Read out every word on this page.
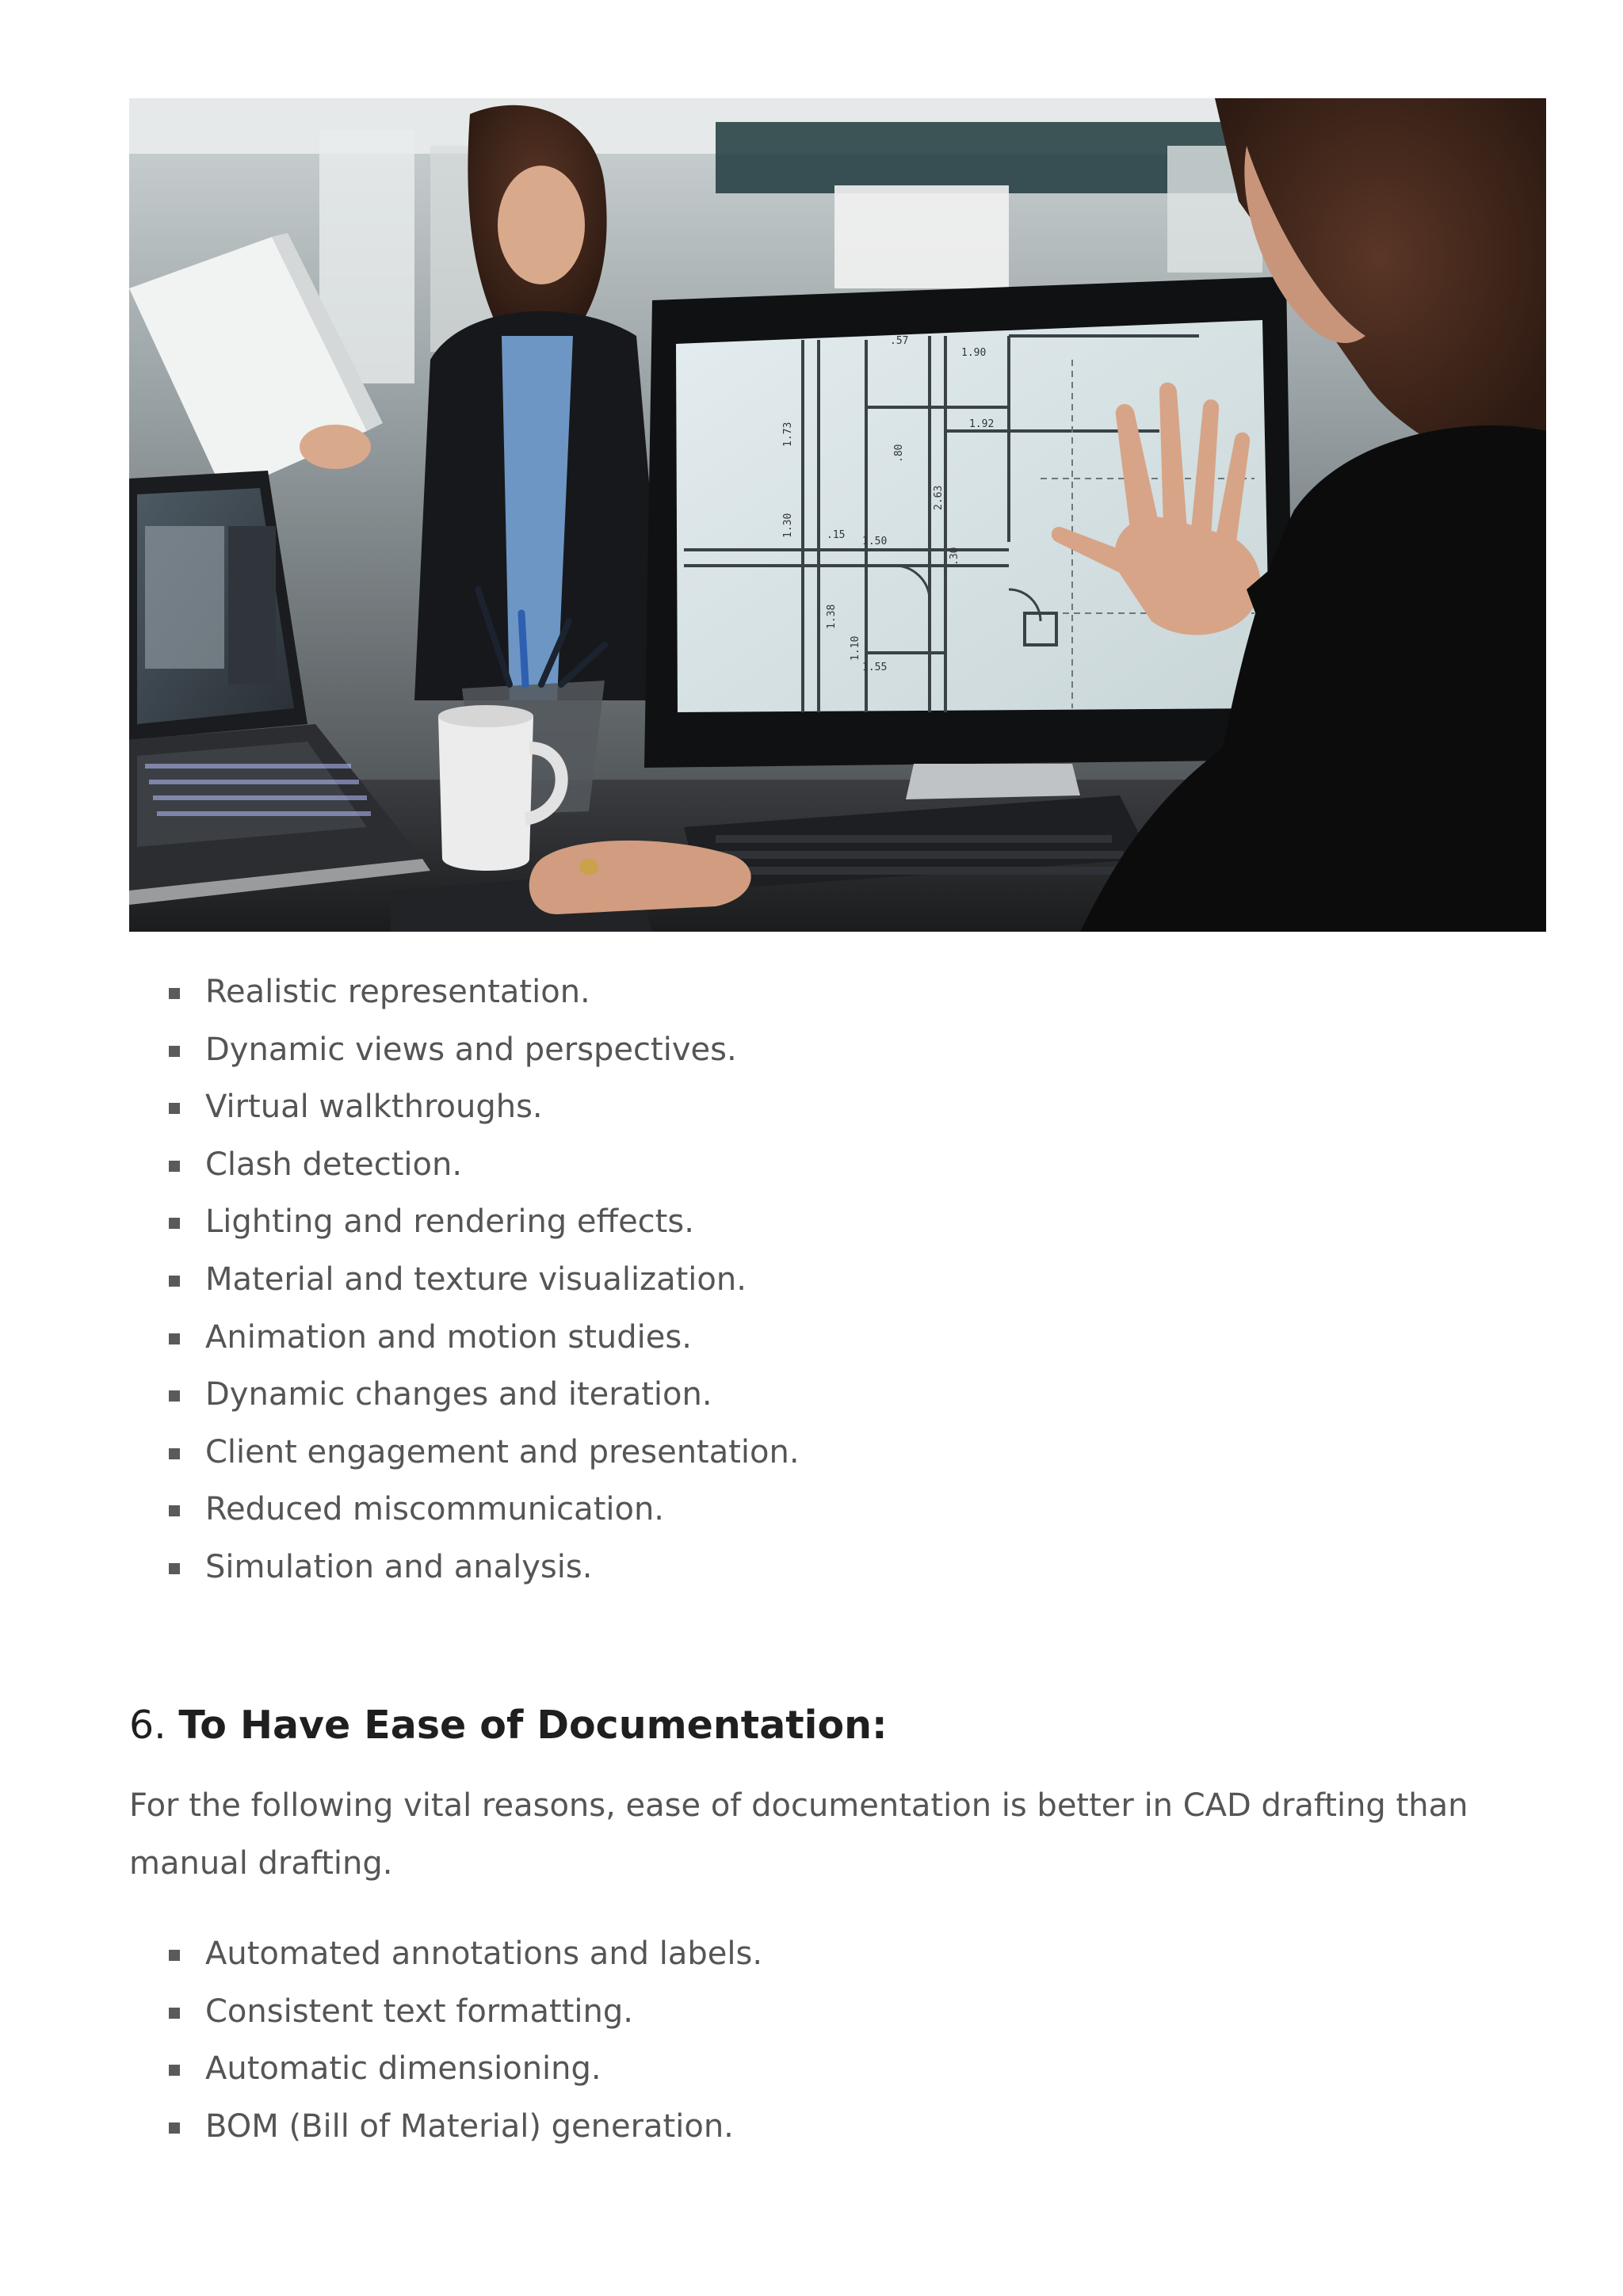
1.90
1.92
1.73
1.30
1.50
1.38
1.10
1.55
2.63
.15
.30
.80
.57
Realistic representation.
Dynamic views and perspectives.
Virtual walkthroughs.
Clash detection.
Lighting and rendering effects.
Material and texture visualization.
Animation and motion studies.
Dynamic changes and iteration.
Client engagement and presentation.
Reduced miscommunication.
Simulation and analysis.
6. To Have Ease of Documentation:

For the following vital reasons, ease of documentation is better in CAD drafting than manual drafting.

Automated annotations and labels.
Consistent text formatting.
Automatic dimensioning.
BOM (Bill of Material) generation.
